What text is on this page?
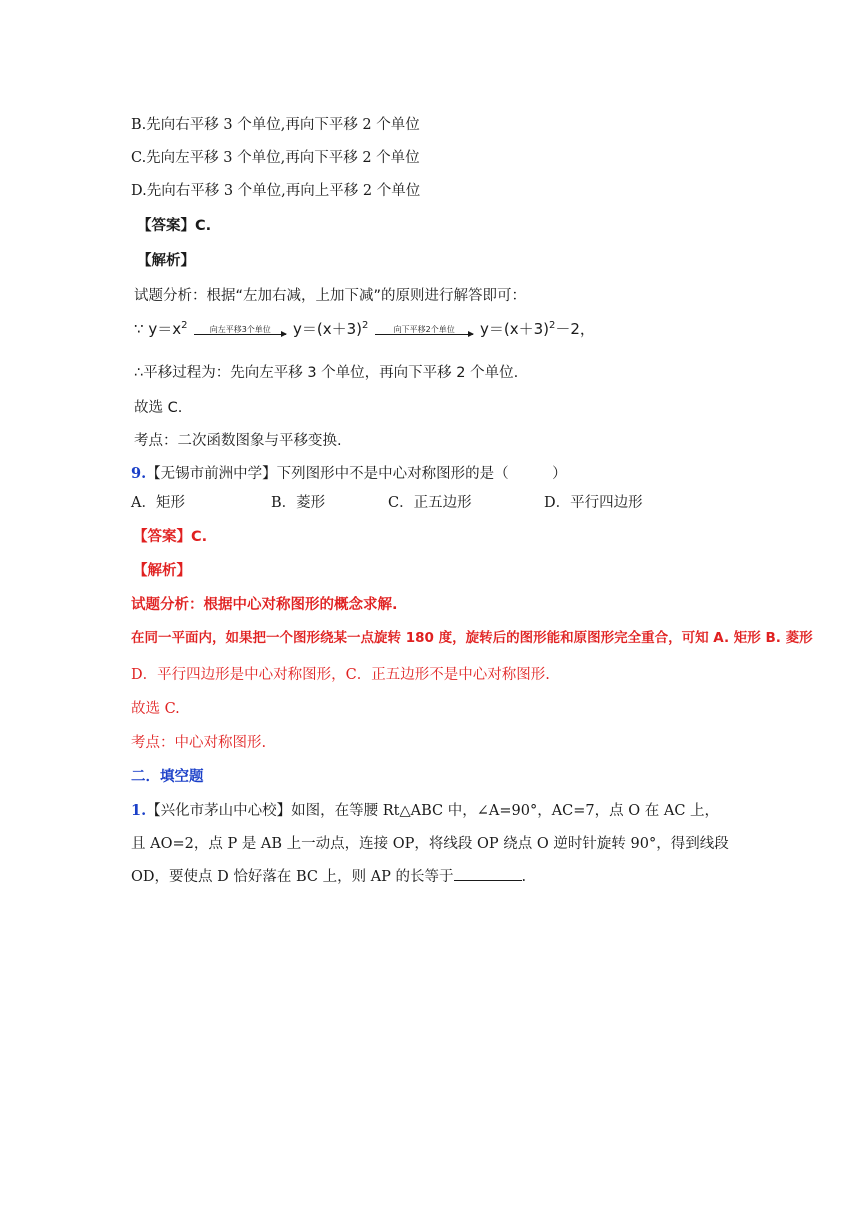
B.先向右平移 3 个单位,再向下平移 2 个单位
C.先向左平移 3 个单位,再向下平移 2 个单位
D.先向右平移 3 个单位,再向上平移 2 个单位
【答案】C.
【解析】
试题分析：根据“左加右减，上加下减”的原则进行解答即可：
∵ $y=x^2$	向左平移3个单位	$y=(x+3)^2$	向下平移2个单位	$y=(x+3)^2-2$，
∴平移过程为：先向左平移 3 个单位，再向下平移 2 个单位.
故选 C.
考点：二次函数图象与平移变换.
9.【无锡市前洲中学】下列图形中不是中心对称图形的是（　　　）
A．矩形	B．菱形	C．正五边形	D．平行四边形
【答案】C.
【解析】
试题分析：根据中心对称图形的概念求解.
在同一平面内，如果把一个图形绕某一点旋转 180 度，旋转后的图形能和原图形完全重合，可知 A. 矩形 B. 菱形
D．平行四边形是中心对称图形，C．正五边形不是中心对称图形.
故选 C.
考点：中心对称图形.
二．填空题
1.【兴化市茅山中心校】如图，在等腰 Rt△ABC 中，∠A=90°，AC=7，点 O 在 AC 上，
且 AO=2，点 P 是 AB 上一动点，连接 OP，将线段 OP 绕点 O 逆时针旋转 90°，得到线段
OD，要使点 D 恰好落在 BC 上，则 AP 的长等于	.
